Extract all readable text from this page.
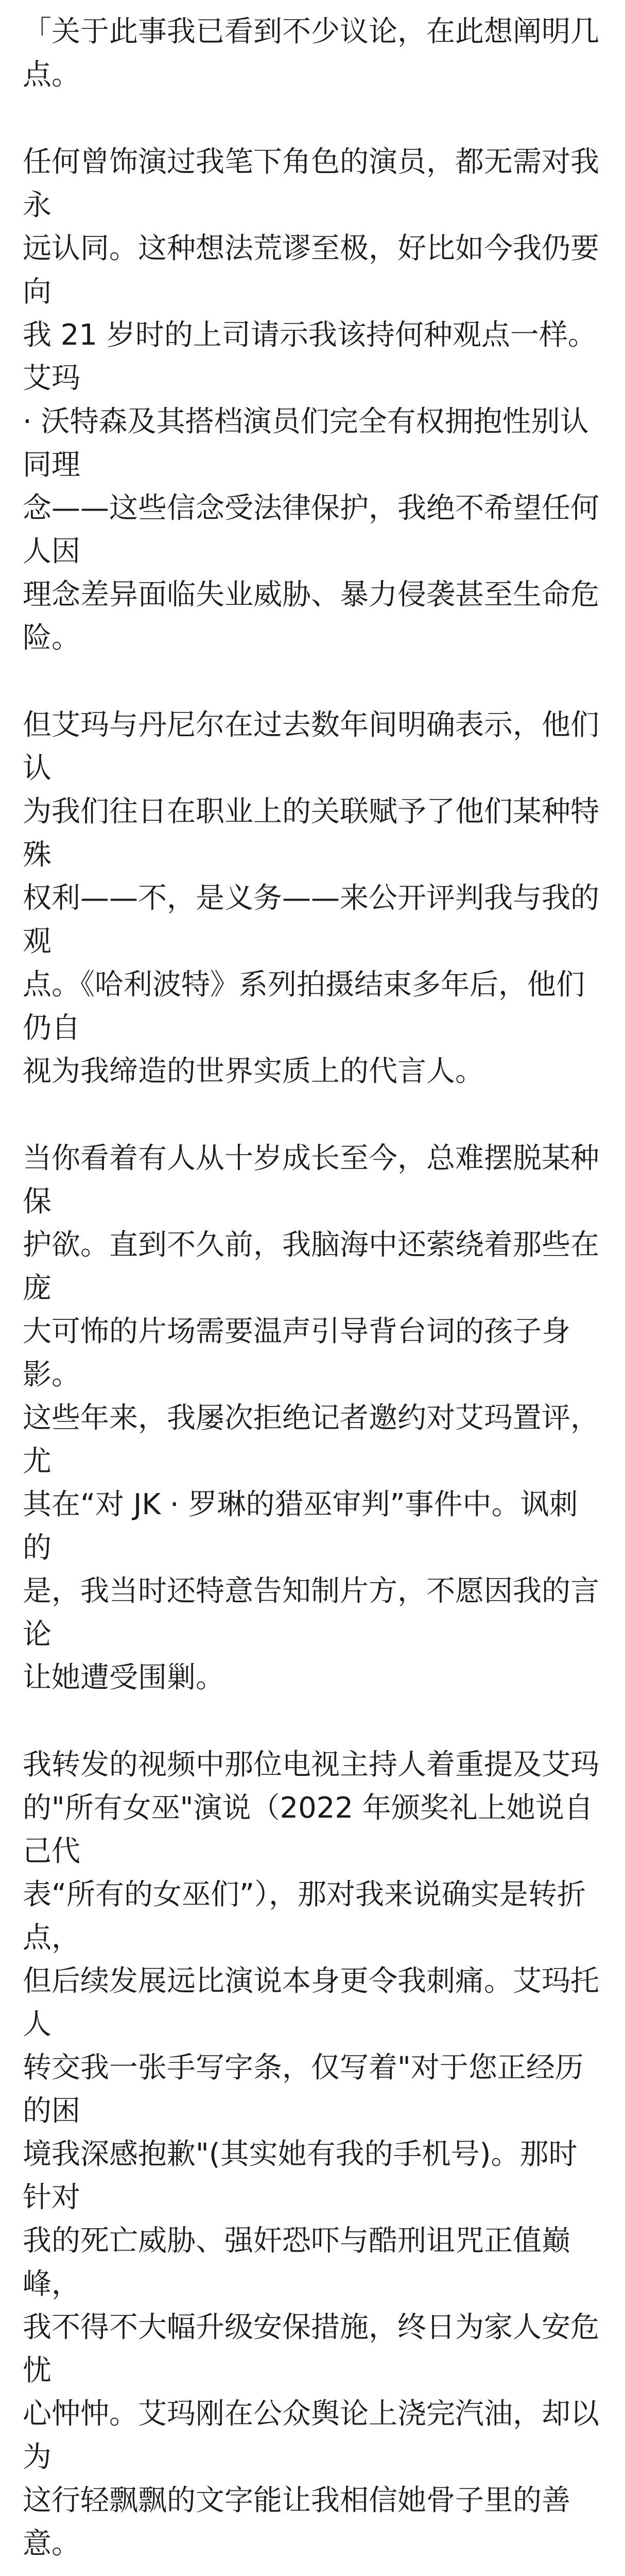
「关于此事我已看到不少议论，在此想阐明几点。

任何曾饰演过我笔下角色的演员，都无需对我永
远认同。这种想法荒谬至极，好比如今我仍要向
我 21 岁时的上司请示我该持何种观点一样。艾玛
· 沃特森及其搭档演员们完全有权拥抱性别认同理
念——这些信念受法律保护，我绝不希望任何人因
理念差异面临失业威胁、暴力侵袭甚至生命危
险。

但艾玛与丹尼尔在过去数年间明确表示，他们认
为我们往日在职业上的关联赋予了他们某种特殊
权利——不，是义务——来公开评判我与我的观
点。《哈利波特》系列拍摄结束多年后，他们仍自
视为我缔造的世界实质上的代言人。

当你看着有人从十岁成长至今，总难摆脱某种保
护欲。直到不久前，我脑海中还萦绕着那些在庞
大可怖的片场需要温声引导背台词的孩子身影。
这些年来，我屡次拒绝记者邀约对艾玛置评，尤
其在“对 JK · 罗琳的猎巫审判”事件中。讽刺的
是，我当时还特意告知制片方，不愿因我的言论
让她遭受围剿。

我转发的视频中那位电视主持人着重提及艾玛
的"所有女巫"演说（2022 年颁奖礼上她说自己代
表“所有的女巫们”），那对我来说确实是转折点，
但后续发展远比演说本身更令我刺痛。艾玛托人
转交我一张手写字条，仅写着"对于您正经历的困
境我深感抱歉"(其实她有我的手机号)。那时针对
我的死亡威胁、强奸恐吓与酷刑诅咒正值巅峰，
我不得不大幅升级安保措施，终日为家人安危忧
心忡忡。艾玛刚在公众舆论上浇完汽油，却以为
这行轻飘飘的文字能让我相信她骨子里的善意。
